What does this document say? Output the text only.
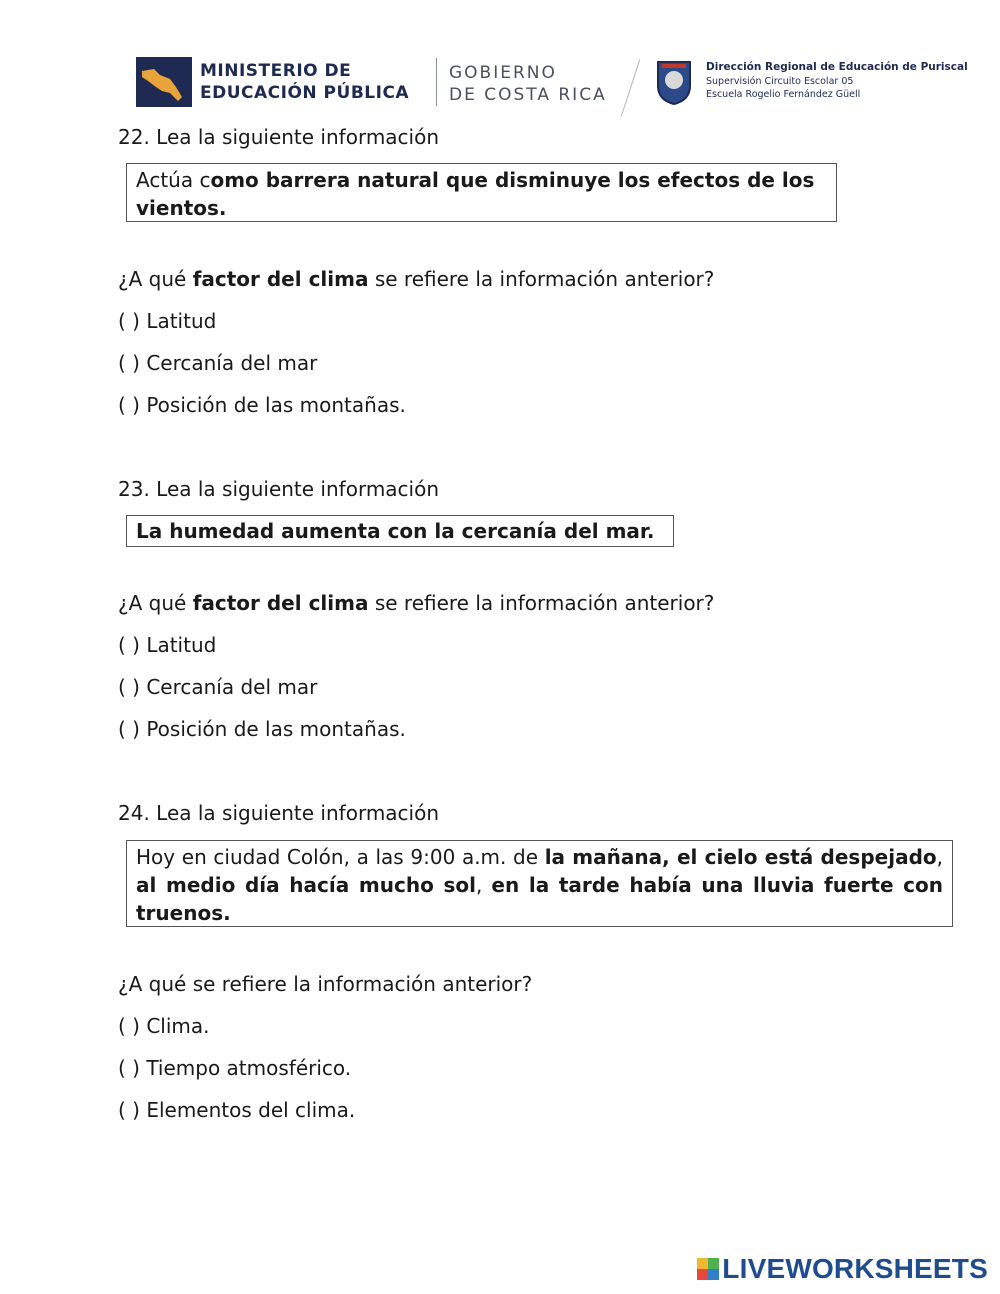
MINISTERIO DE
EDUCACIÓN PÚBLICA
GOBIERNO
DE COSTA RICA
Dirección Regional de Educación de Puriscal
Supervisión Circuito Escolar 05
Escuela Rogelio Fernández Güell
22. Lea la siguiente información
Actúa como barrera natural que disminuye los efectos de los vientos.
¿A qué factor del clima se refiere la información anterior?
( ) Latitud
( ) Cercanía del mar
( ) Posición de las montañas.
23. Lea la siguiente información
La humedad aumenta con la cercanía del mar.
¿A qué factor del clima se refiere la información anterior?
( ) Latitud
( ) Cercanía del mar
( ) Posición de las montañas.
24. Lea la siguiente información
Hoy en ciudad Colón, a las 9:00 a.m. de la mañana, el cielo está despejado, al medio día hacía mucho sol, en la tarde había una lluvia fuerte con truenos.
¿A qué se refiere la información anterior?
( ) Clima.
( ) Tiempo atmosférico.
( ) Elementos del clima.
LIVEWORKSHEETS
